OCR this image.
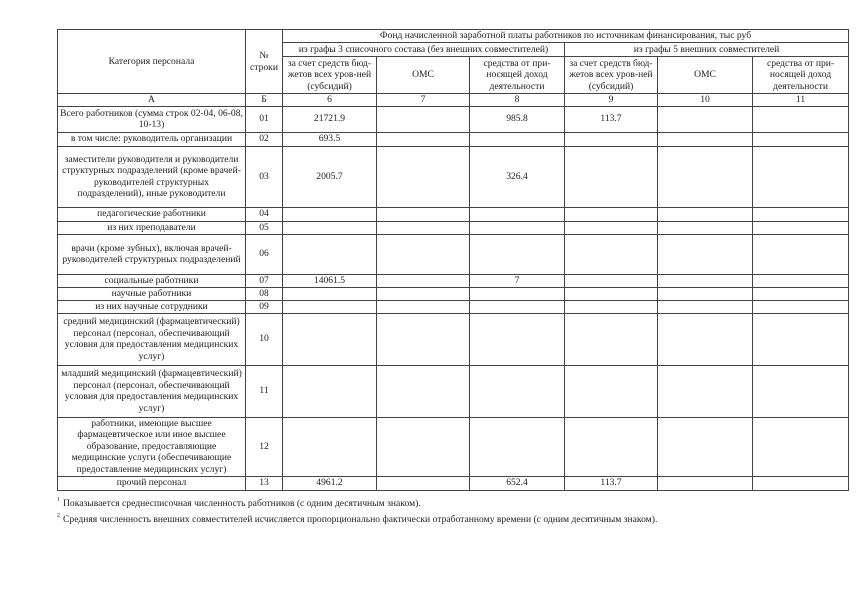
Категория персонала	№ строки	Фонд начисленной заработной платы работников по источникам финансирования, тыс руб					
		из графы 3 списочного состава (без внешних совместителей)			из графы 5 внешних совместителей		
		за счет средств бюд-жетов всех уров-ней (субсидий)	ОМС	средства от при-носящей доход деятельности	за счет средств бюд-жетов всех уров-ней (субсидий)	ОМС	средства от при-носящей доход деятельности
А	Б	6	7	8	9	10	11
Всего работников (сумма строк 02-04, 06-08, 10-13)	01	21721.9		985.8	113.7		
в том числе: руководитель организации	02	693.5					
заместители руководителя и руководители структурных подразделений (кроме врачей-руководителей структурных подразделений), иные руководители	03	2005.7		326.4			
педагогические работники	04						
из них преподаватели	05						
врачи (кроме зубных), включая врачей-руководителей структурных подразделений	06						
социальные работники	07	14061.5		7			
научные работники	08						
из них научные сотрудники	09						
средний медицинский (фармацевтический) персонал (персонал, обеспечивающий условия для предоставления медицинских услуг)	10						
младший медицинский (фармацевтический) персонал (персонал, обеспечивающий условия для предоставления медицинских услуг)	11						
работники, имеющие высшее фармацевтическое или иное высшее образование, предоставляющие медицинские услуги (обеспечивающие предоставление медицинских услуг)	12						
прочий персонал	13	4961.2		652.4	113.7		
$^1$ Показывается среднесписочная численность работников (с одним десятичным знаком).
$^2$ Средняя численность внешних совместителей исчисляется пропорционально фактически отработанному времени (с одним десятичным знаком).
